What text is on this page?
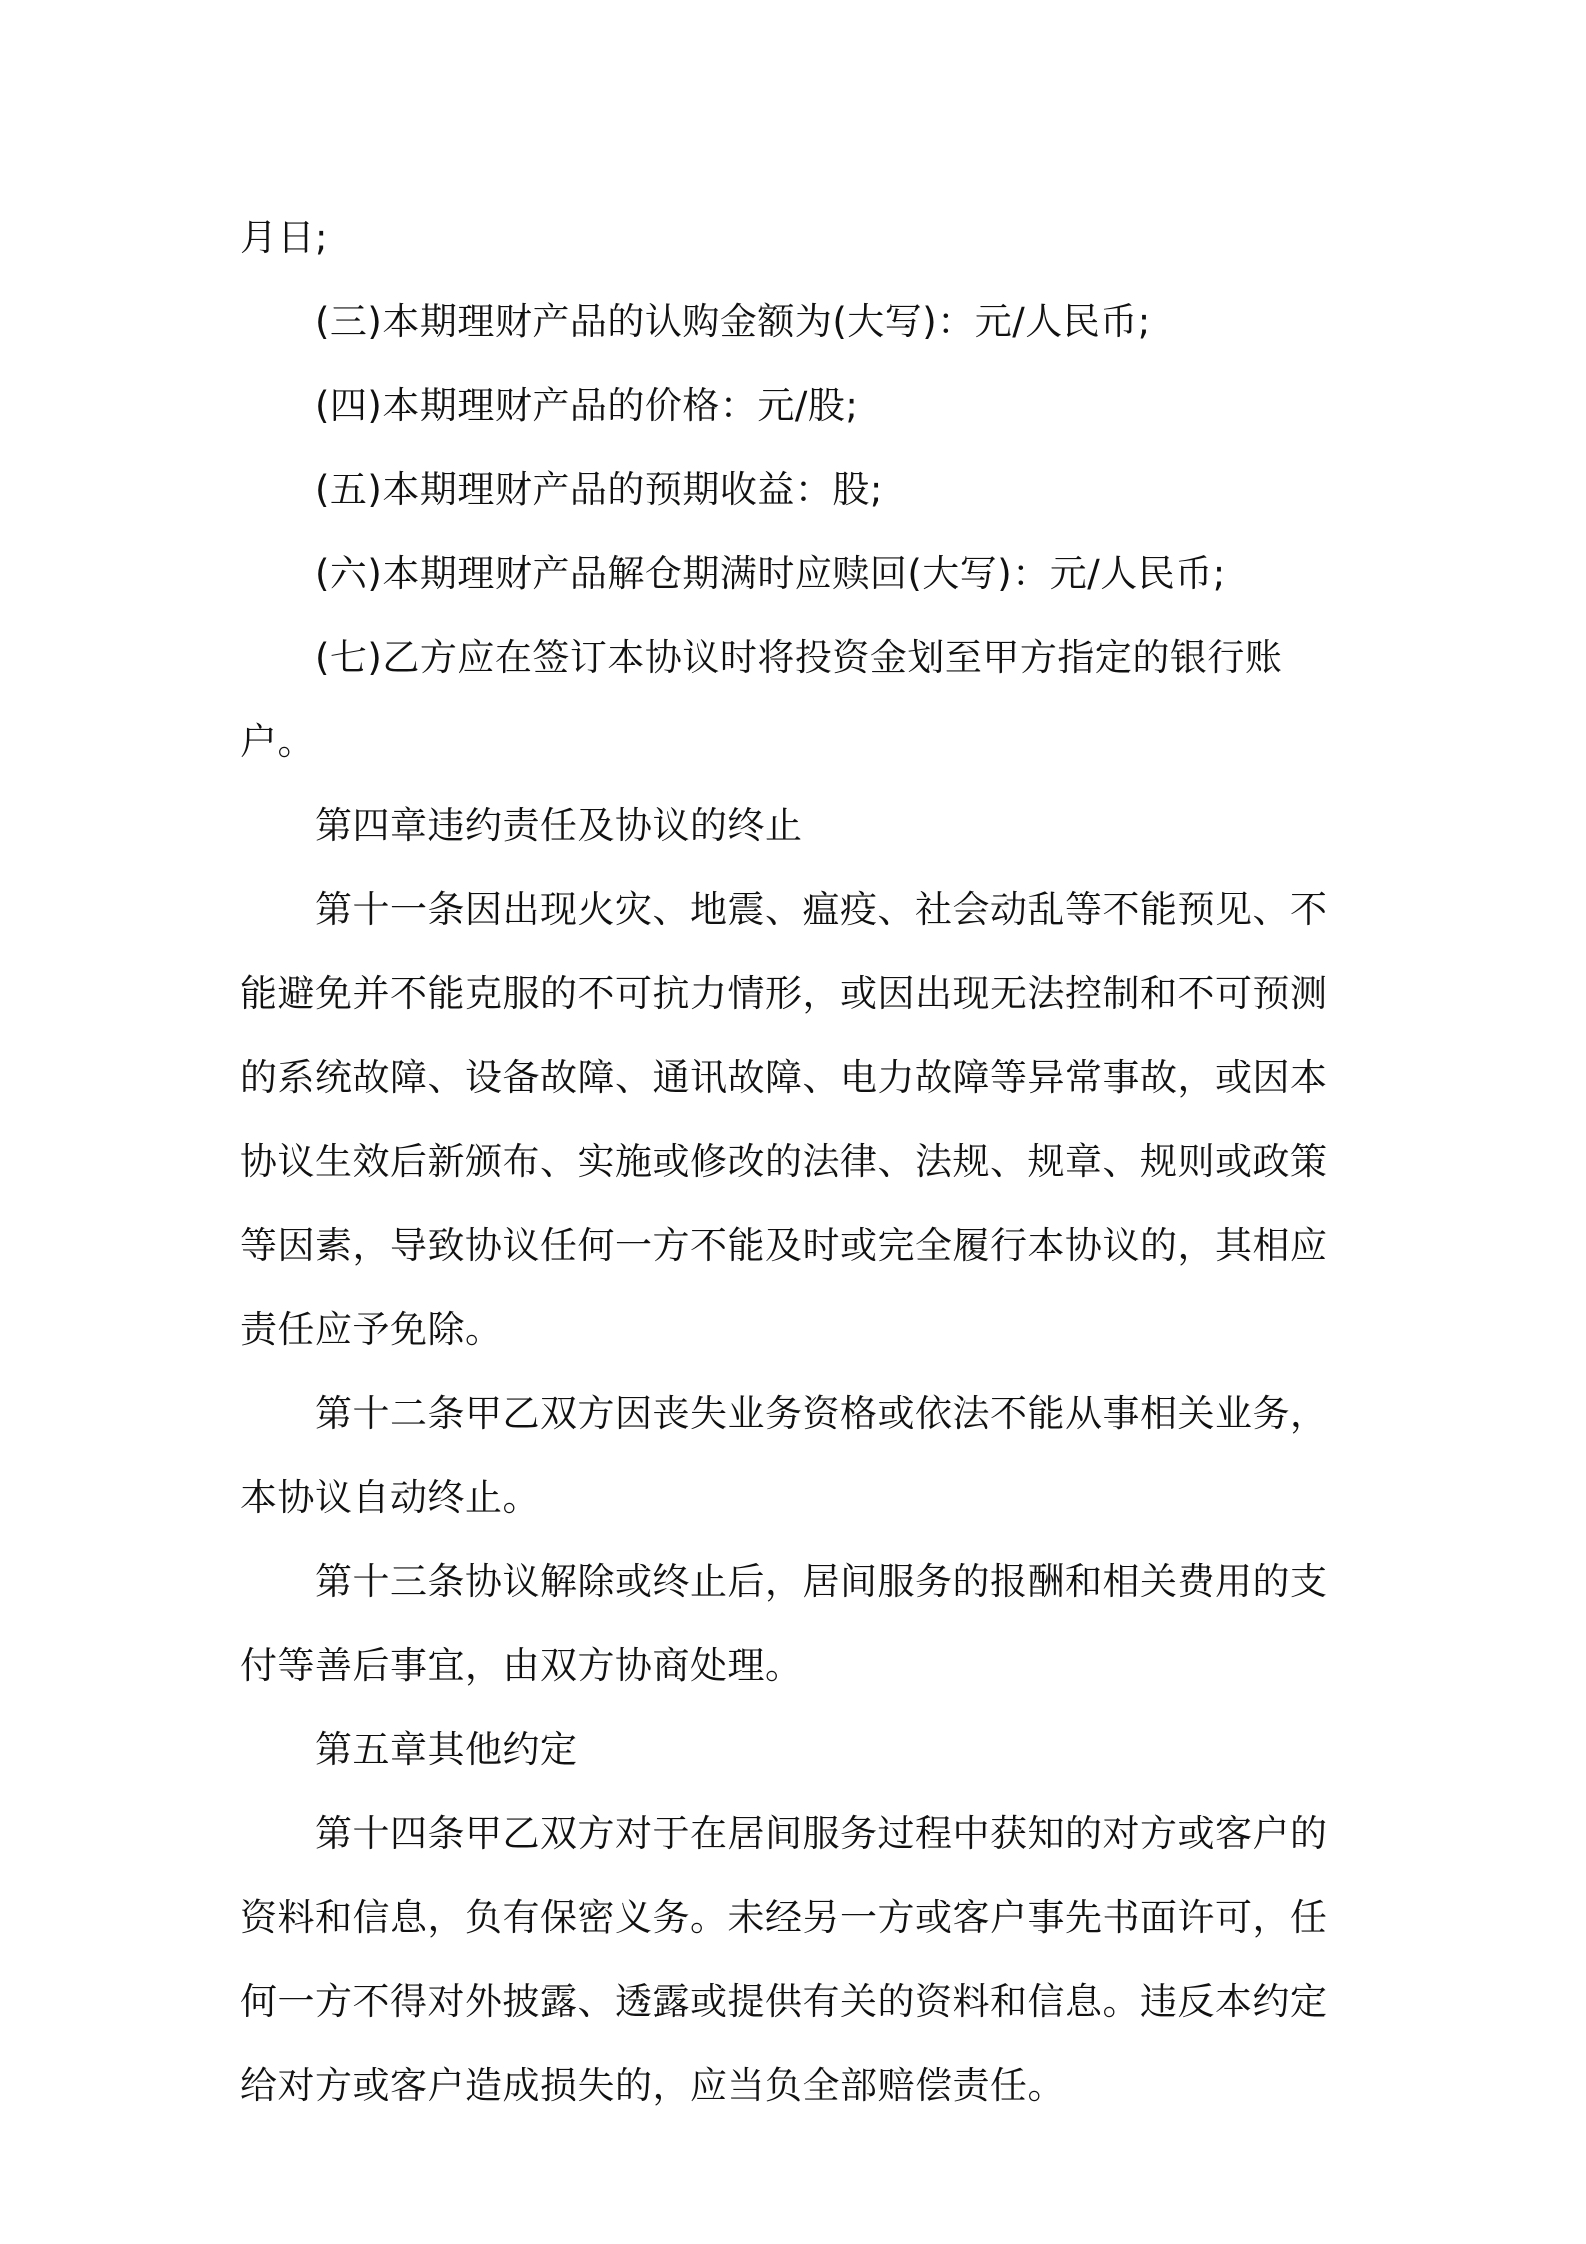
月日;

(三)本期理财产品的认购金额为(大写)：元/人民币;

(四)本期理财产品的价格：元/股;

(五)本期理财产品的预期收益：股;

(六)本期理财产品解仓期满时应赎回(大写)：元/人民币;

(七)乙方应在签订本协议时将投资金划至甲方指定的银行账户。

第四章违约责任及协议的终止

第十一条因出现火灾、地震、瘟疫、社会动乱等不能预见、不能避免并不能克服的不可抗力情形，或因出现无法控制和不可预测的系统故障、设备故障、通讯故障、电力故障等异常事故，或因本协议生效后新颁布、实施或修改的法律、法规、规章、规则或政策等因素，导致协议任何一方不能及时或完全履行本协议的，其相应责任应予免除。

第十二条甲乙双方因丧失业务资格或依法不能从事相关业务，本协议自动终止。

第十三条协议解除或终止后，居间服务的报酬和相关费用的支付等善后事宜，由双方协商处理。

第五章其他约定

第十四条甲乙双方对于在居间服务过程中获知的对方或客户的资料和信息，负有保密义务。未经另一方或客户事先书面许可，任何一方不得对外披露、透露或提供有关的资料和信息。违反本约定给对方或客户造成损失的，应当负全部赔偿责任。
